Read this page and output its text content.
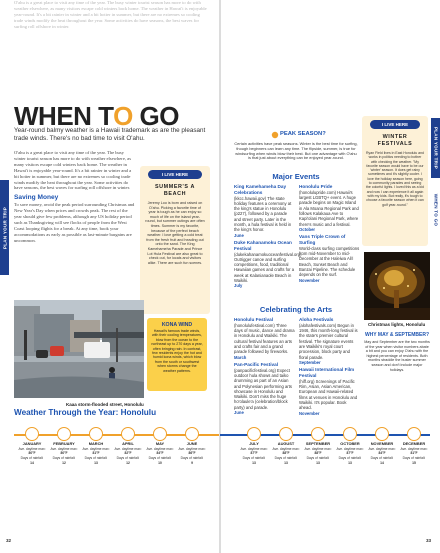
PLAN YOUR TRIP
O'ahu is a great place to visit any time of the year. The busy winter tourist season has more to do with weather elsewhere, as many visitors escape cold winters back home. The weather in Hawai'i is enjoyable year-round. It's a bit rainier in winter and a bit hotter in summer, but there are no extremes so cooling trade winds modify the heat throughout the year. Some activities do have seasons, the best waves for surfing roll offshore in winter.
WHEN TO GO
Year-round balmy weather is a Hawaii trademark as are the pleasant trade winds. There's no bad time to visit O'ahu.
O'ahu is a great place to visit any time of the year. The busy winter tourist season has more to do with weather elsewhere, as many visitors escape cold winters back home. The weather in Hawai'i is enjoyable year-round. It's a bit rainier in winter and a bit hotter in summer, but there are no extremes so cooling trade winds modify the heat throughout the year. Some activities do have seasons, the best waves for surfing roll offshore in winter.
Saving Money
To save money, avoid the peak period surrounding Christmas and New Year's Day when prices and crowds peak. The rest of the year should give few problems, although any US holiday period such as Thanksgiving will see flocks of people from the West Coast looping flights for a break. At any time, book your accommodations as early as possible as last-minute bargains are uncommon.
I LIVE HERE
SUMMER'S A BEACH
Jeremy Loo is born and raised on O'ahu. Picking a favorite time of year is tough as he can enjoy so much of life on the island year-round, but summer outings are often times. Summer is my favorite, because of the perfect beach weather. I love getting a cold treat from the fresh fruit and heading out onto the sand. The King Kamehameha Parade and Prince Lot Hula Festival are also great to check out, for locals and visitors alike. There are such fun scenes.
Kaaa storm-flooded street, Honolulu
KONA WIND
Hawaii's famous trade winds, with their cooling temperatures, blow from the ocean to the northeast up to 270 days a year, often bringing rain. In contrast, few residents enjoy the hot and humid kona winds, which blow from the south or southwest when storms change the weather patterns.
Weather Through the Year: Honolulu
JANUARY
Ave. daytime max:
80°F
Days of rainfall:
14
FEBRUARY
Ave. daytime max:
80°F
Days of rainfall:
12
MARCH
Ave. daytime max:
81°F
Days of rainfall:
13
APRIL
Ave. daytime max:
82°F
Days of rainfall:
12
MAY
Ave. daytime max:
84°F
Days of rainfall:
10
JUNE
Ave. daytime max:
86°F
Days of rainfall:
9
32
PLAN YOUR TRIP
WHEN TO GO
PEAK SEASON?
Certain activities have peak seasons. Winter is the best time for surfing, though beginners can learn any time. The flipside, summer, is true for windsurfing when winds blow their best. But one advantage with O'ahu is that just about everything can be enjoyed year-round.
Major Events
King Kamehameha Day Celebrations
(kkcc.hawaii.gov) The state holiday features a ceremony at the king's statue in Honolulu (p227), followed by a parade and street party. Later in the month, a hula festival is held in the king's honor.
June
Duke Kahanamoku Ocean Festival
(dukekahanamokuoceanfestival.org) Outrigger canoe and surfing competitions, food, traditional Hawaiian games and crafts for a week at Kalanianaole Beach in Waikiki.
July
Honolulu Pride
(honolulupride.com) Hawaii's largest LGBTQ+ event. A huge parade begins on Magic Island in Ala Moana Regional Park and follows Kalakaua Ave to Kapi'olani Regional Park, where there's music and a festival.
October
Vans Triple Crown of Surfing
World-class surfing competitions from mid-November to mid-December at the Haleiwa Ali'i Beach, Sunset Beach and Banzai Pipeline. The schedule depends on the surf.
November
Celebrating the Arts
Honolulu Festival
(honolulufestival.com) Three days of music, dance and drama in Honolulu and Waikiki. The cultural festival features an arts and crafts fair and a grand parade followed by fireworks.
March
Pan-Pacific Festival
(panpacificfestival.org) Expect outdoor hula shows and taiko drumming as part of an Asian and Polynesian performing arts showcase in Honolulu and Waikiki. Don't miss the huge ho'olaule'a (celebration/block party) and parade.
June
Aloha Festivals
(alohafestivals.com) Begun in 1946, this month-long festival is the state's premier cultural festival. The signature events are Waikiki's royal court procession, block party and floral parade.
September
Hawaii International Film Festival
(hiff.org) Screenings of Pacific Rim, Asian, Asian American, European and Hawaii-related films at venues in Honolulu and Waikiki. It's popular. Book ahead.
November
I LIVE HERE
WINTER FESTIVALS
Ryan Field lives in East Honolulu and works in politics needing to bother with checking the weather. "My favorite season would have to be our 'winter' season. It does get rainy sometimes and it's slightly cooler. I love the holiday season here, going to community parades and seeing the colorful lights. I loved this as a kid and now I can experience it all again with my kids. But really, it's tough to choose a favorite season when it can golf year-round."
Christmas lights, Honolulu
WHY MAY & SEPTEMBER?
May and September are the two months of the year when visitor numbers abate a bit and you can enjoy O'ahu with the highest percentage of residents. Both months straddle the busier summer season and don't include major holidays.
JULY
Ave. daytime max:
87°F
Days of rainfall:
13
AUGUST
Ave. daytime max:
88°F
Days of rainfall:
13
SEPTEMBER
Ave. daytime max:
88°F
Days of rainfall:
13
OCTOBER
Ave. daytime max:
87°F
Days of rainfall:
13
NOVEMBER
Ave. daytime max:
84°F
Days of rainfall:
14
DECEMBER
Ave. daytime max:
81°F
Days of rainfall:
15
33
